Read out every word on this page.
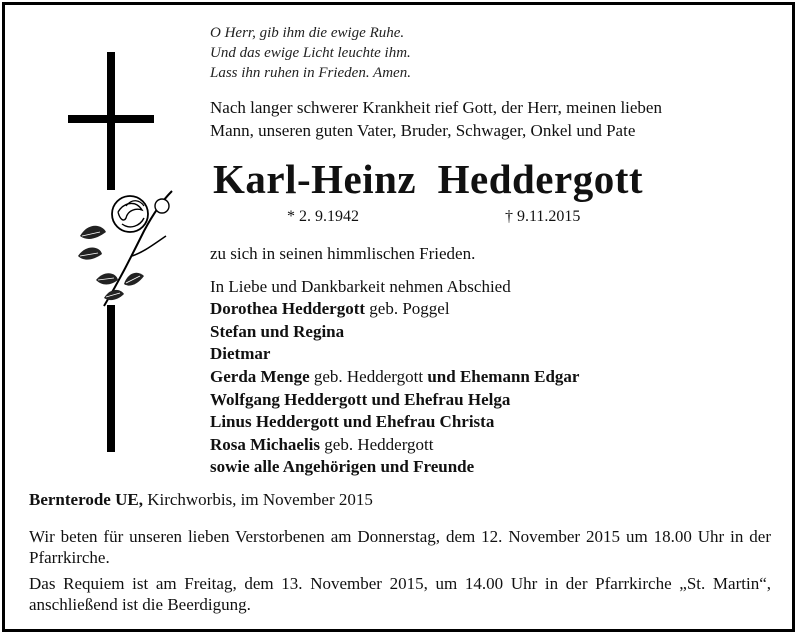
O Herr, gib ihm die ewige Ruhe.
Und das ewige Licht leuchte ihm.
Lass ihn ruhen in Frieden. Amen.
Nach langer schwerer Krankheit rief Gott, der Herr, meinen lieben
Mann, unseren guten Vater, Bruder, Schwager, Onkel und Pate
Karl-Heinz  Heddergott
* 2. 9.1942	† 9.11.2015
zu sich in seinen himmlischen Frieden.
In Liebe und Dankbarkeit nehmen Abschied
Dorothea Heddergott geb. Poggel
Stefan und Regina
Dietmar
Gerda Menge geb. Heddergott und Ehemann Edgar
Wolfgang Heddergott und Ehefrau Helga
Linus Heddergott und Ehefrau Christa
Rosa Michaelis geb. Heddergott
sowie alle Angehörigen und Freunde
Bernterode UE, Kirchworbis, im November 2015
Wir beten für unseren lieben Verstorbenen am Donnerstag, dem 12. November 2015 um 18.00 Uhr in der Pfarrkirche.
Das Requiem ist am Freitag, dem 13. November 2015, um 14.00 Uhr in der Pfarrkirche „St. Martin“, anschließend ist die Beerdigung.
